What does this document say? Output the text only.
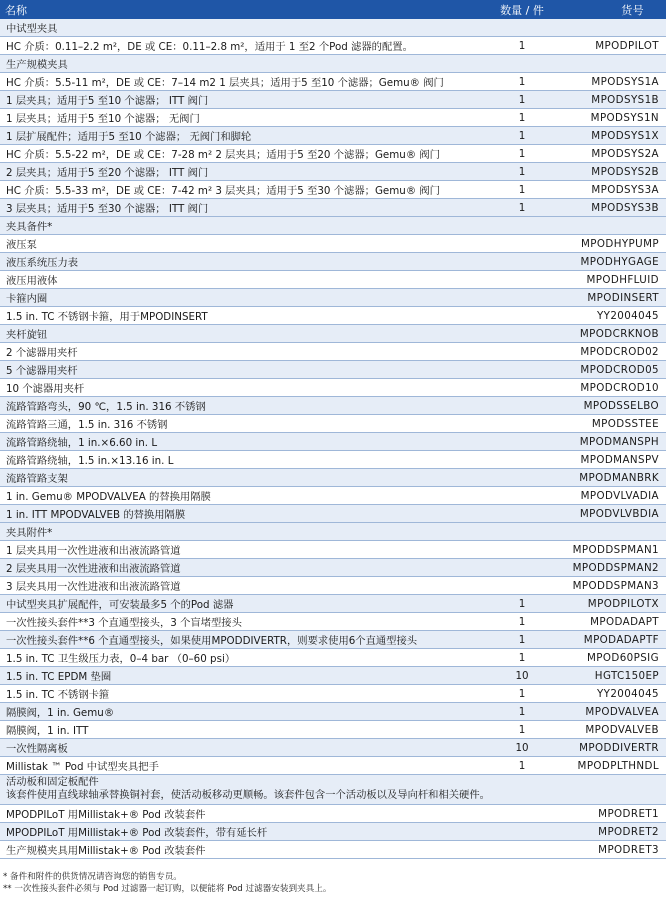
名称	数量 / 件	货号
中试型夹具
HC 介质：0.11–2.2 m²，DE 或 CE：0.11–2.8 m²，适用于 1 至2 个Pod 滤器的配置。	1	MPODPILOT
生产规模夹具
HC 介质：5.5-11 m²，DE 或 CE：7–14 m2 1 层夹具；适用于5 至10 个滤器；Gemu® 阀门	1	MPODSYS1A
1 层夹具；适用于5 至10 个滤器； ITT 阀门	1	MPODSYS1B
1 层夹具；适用于5 至10 个滤器； 无阀门	1	MPODSYS1N
1 层扩展配件；适用于5 至10 个滤器； 无阀门和脚轮	1	MPODSYS1X
HC 介质：5.5-22 m²，DE 或 CE：7-28 m² 2 层夹具；适用于5 至20 个滤器；Gemu® 阀门	1	MPODSYS2A
2 层夹具；适用于5 至20 个滤器； ITT 阀门	1	MPODSYS2B
HC 介质：5.5-33 m²，DE 或 CE：7-42 m² 3 层夹具；适用于5 至30 个滤器；Gemu® 阀门	1	MPODSYS3A
3 层夹具；适用于5 至30 个滤器； ITT 阀门	1	MPODSYS3B
夹具备件*
液压泵	MPODHYPUMP
液压系统压力表	MPODHYGAGE
液压用液体	MPODHFLUID
卡箍内圈	MPODINSERT
1.5 in. TC 不锈钢卡箍，用于MPODINSERT	YY2004045
夹杆旋钮	MPODCRKNOB
2 个滤器用夹杆	MPODCROD02
5 个滤器用夹杆	MPODCROD05
10 个滤器用夹杆	MPODCROD10
流路管路弯头，90 ℃，1.5 in. 316 不锈钢	MPODSSELBO
流路管路三通，1.5 in. 316 不锈钢	MPODSSTEE
流路管路绕轴，1 in.×6.60 in. L	MPODMANSPH
流路管路绕轴，1.5 in.×13.16 in. L	MPODMANSPV
流路管路支架	MPODMANBRK
1 in. Gemu® MPODVALVEA 的替换用隔膜	MPODVLVADIA
1 in. ITT MPODVALVEB 的替换用隔膜	MPODVLVBDIA
夹具附件*
1 层夹具用一次性进液和出液流路管道	MPODDSPMAN1
2 层夹具用一次性进液和出液流路管道	MPODDSPMAN2
3 层夹具用一次性进液和出液流路管道	MPODDSPMAN3
中试型夹具扩展配件，可安装最多5 个的Pod 滤器	1	MPODPILOTX
一次性接头套件**3 个直通型接头，3 个盲堵型接头	1	MPODADAPT
一次性接头套件**6 个直通型接头，如果使用MPODDIVERTR，则要求使用6个直通型接头	1	MPODADAPTF
1.5 in. TC 卫生级压力表，0–4 bar （0–60 psi）	1	MPOD60PSIG
1.5 in. TC EPDM 垫圈	10	HGTC150EP
1.5 in. TC 不锈钢卡箍	1	YY2004045
隔膜阀，1 in. Gemu®	1	MPODVALVEA
隔膜阀，1 in. ITT	1	MPODVALVEB
一次性隔离板	10	MPODDIVERTR
Millistak ™ Pod 中试型夹具把手	1	MPODPLTHNDL
活动板和固定板配件
该套件使用直线球轴承替换铜衬套，使活动板移动更顺畅。该套件包含一个活动板以及导向杆和相关硬件。
MPODPILoT 用Millistak+® Pod 改装套件	MPODRET1
MPODPILoT 用Millistak+® Pod 改装套件，带有延长杆	MPODRET2
生产规模夹具用Millistak+® Pod 改装套件	MPODRET3
* 备件和附件的供货情况请咨询您的销售专员。
** 一次性接头套件必须与 Pod 过滤器一起订购，以便能将 Pod 过滤器安装到夹具上。
